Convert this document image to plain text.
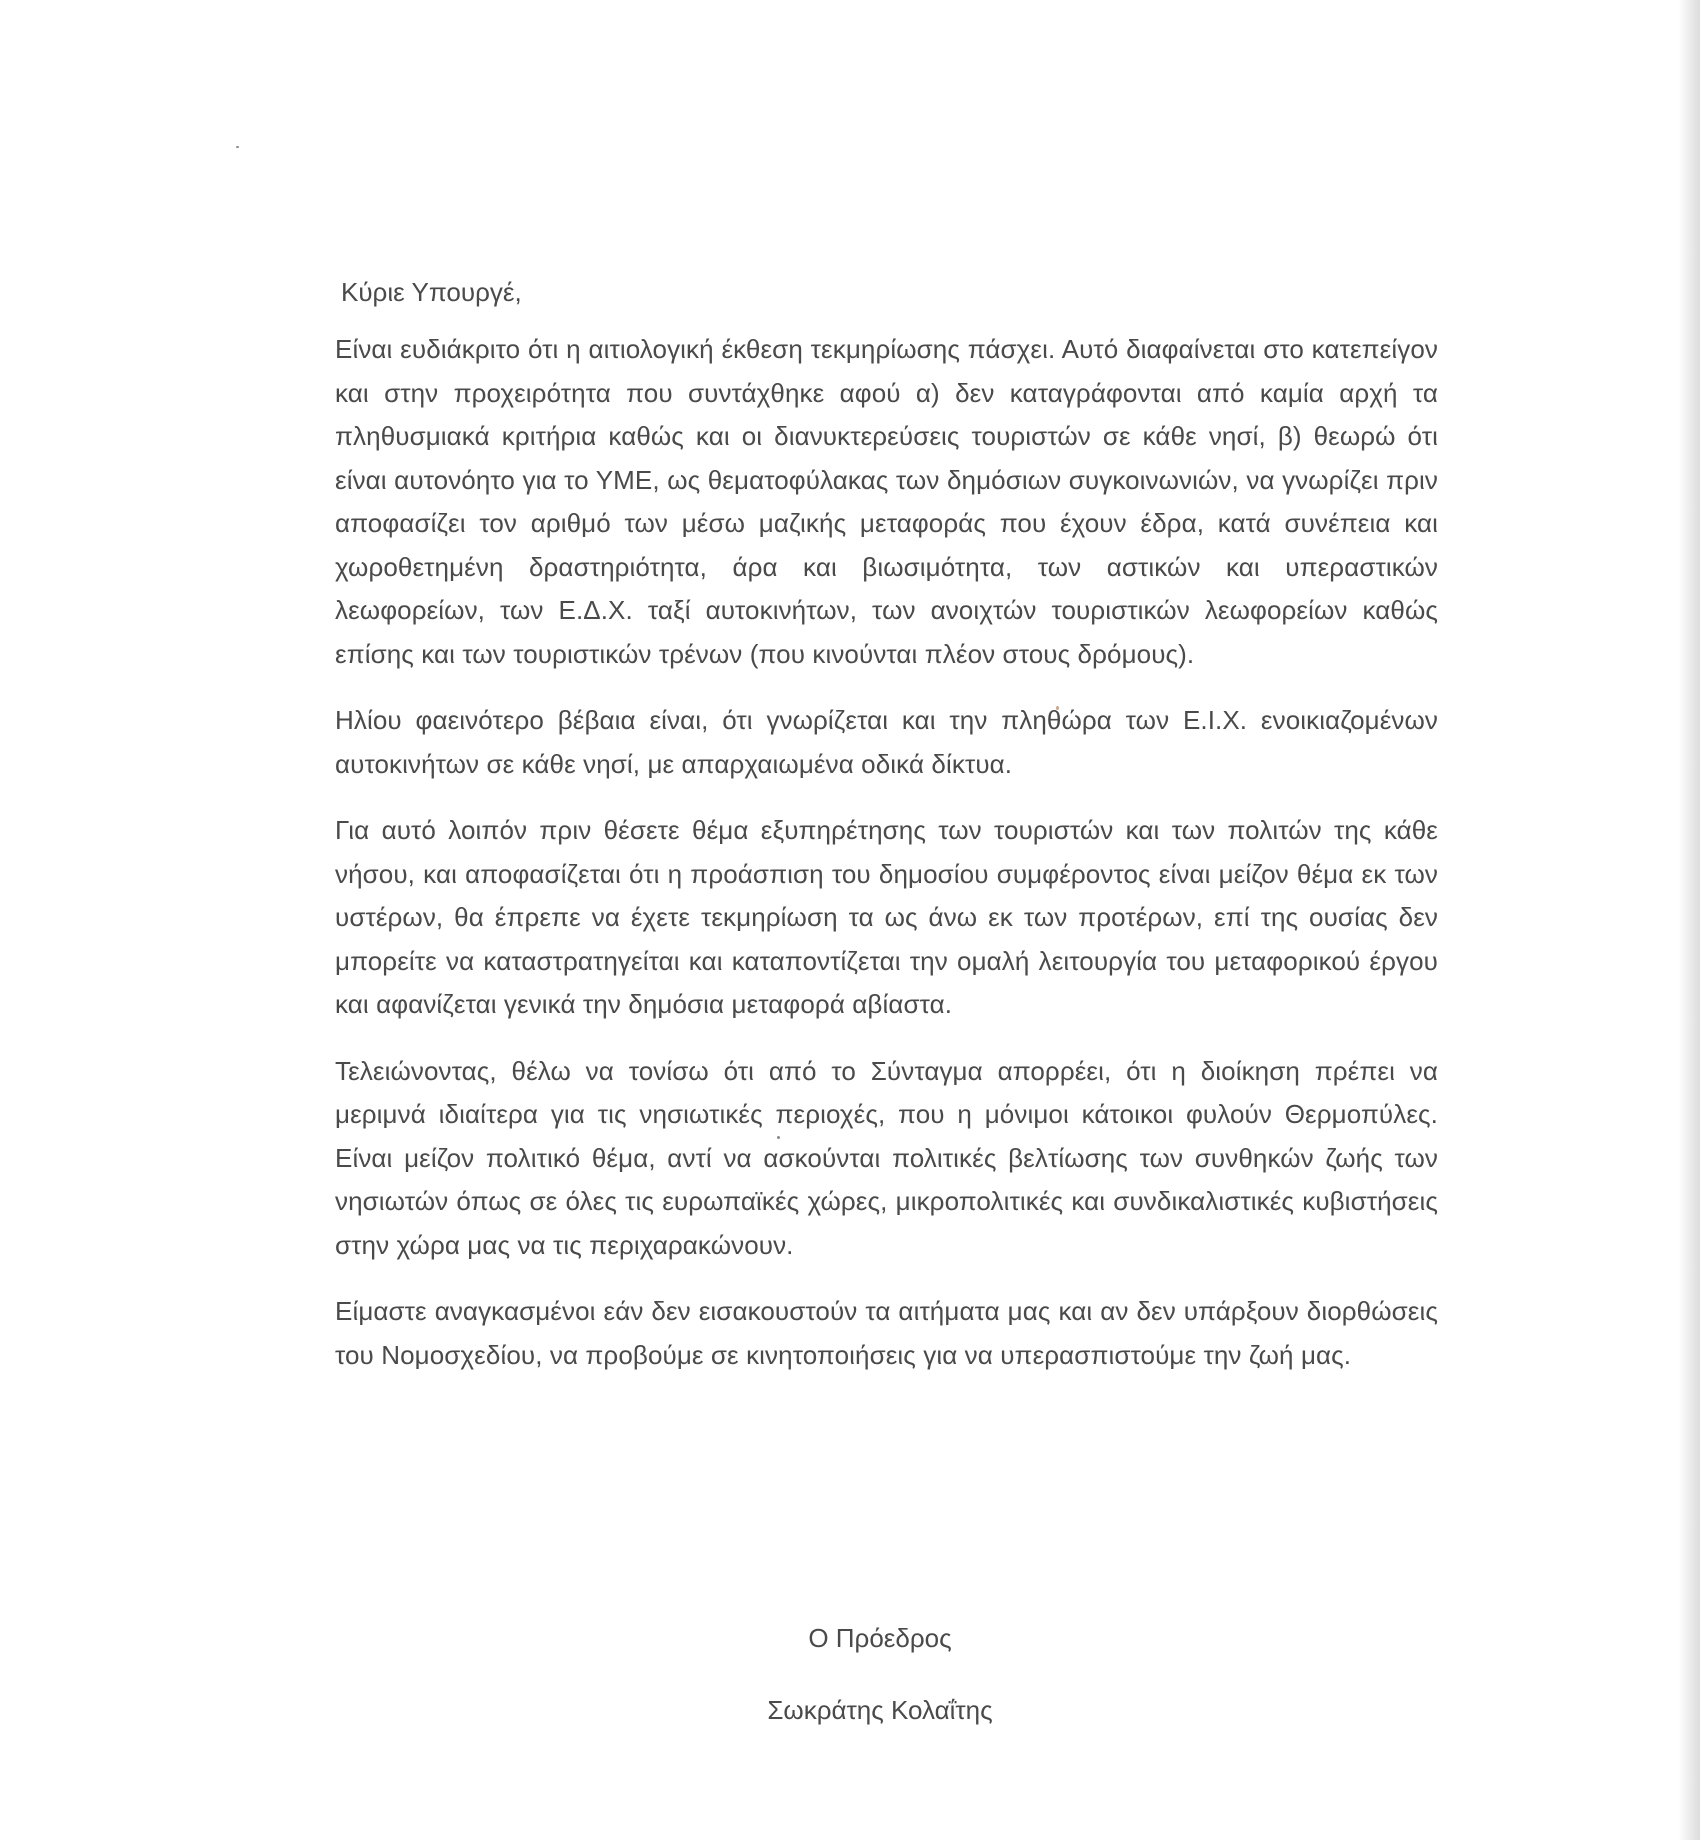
Κύριε Υπουργέ,

Είναι ευδιάκριτο ότι η αιτιολογική έκθεση τεκμηρίωσης πάσχει. Αυτό διαφαίνεται στο κατεπείγον και στην προχειρότητα που συντάχθηκε αφού α) δεν καταγράφονται από καμία αρχή τα πληθυσμιακά κριτήρια καθώς και οι διανυκτερεύσεις τουριστών σε κάθε νησί, β) θεωρώ ότι είναι αυτονόητο για το ΥΜΕ, ως θεματοφύλακας των δημόσιων συγκοινωνιών, να γνωρίζει πριν αποφασίζει τον αριθμό των μέσω μαζικής μεταφοράς που έχουν έδρα, κατά συνέπεια και χωροθετημένη δραστηριότητα, άρα και βιωσιμότητα, των αστικών και υπεραστικών λεωφορείων, των Ε.Δ.Χ. ταξί αυτοκινήτων, των ανοιχτών τουριστικών λεωφορείων καθώς επίσης και των τουριστικών τρένων (που κινούνται πλέον στους δρόμους).

Ηλίου φαεινότερο βέβαια είναι, ότι γνωρίζεται και την πληθώρα των Ε.Ι.Χ. ενοικιαζομένων αυτοκινήτων σε κάθε νησί, με απαρχαιωμένα οδικά δίκτυα.

Για αυτό λοιπόν πριν θέσετε θέμα εξυπηρέτησης των τουριστών και των πολιτών της κάθε νήσου, και αποφασίζεται ότι η προάσπιση του δημοσίου συμφέροντος είναι μείζον θέμα εκ των υστέρων, θα έπρεπε να έχετε τεκμηρίωση τα ως άνω εκ των προτέρων, επί της ουσίας δεν μπορείτε να καταστρατηγείται και καταποντίζεται την ομαλή λειτουργία του μεταφορικού έργου και αφανίζεται γενικά την δημόσια μεταφορά αβίαστα.

Τελειώνοντας, θέλω να τονίσω ότι από το Σύνταγμα απορρέει, ότι η διοίκηση πρέπει να μεριμνά ιδιαίτερα για τις νησιωτικές περιοχές, που η μόνιμοι κάτοικοι φυλούν Θερμοπύλες. Είναι μείζον πολιτικό θέμα, αντί να ασκούνται πολιτικές βελτίωσης των συνθηκών ζωής των νησιωτών όπως σε όλες τις ευρωπαϊκές χώρες, μικροπολιτικές και συνδικαλιστικές κυβιστήσεις στην χώρα μας να τις περιχαρακώνουν.

Είμαστε αναγκασμένοι εάν δεν εισακουστούν τα αιτήματα μας και αν δεν υπάρξουν διορθώσεις του Νομοσχεδίου, να προβούμε σε κινητοποιήσεις για να υπερασπιστούμε την ζωή μας.

Ο Πρόεδρος
Σωκράτης Κολαΐτης
